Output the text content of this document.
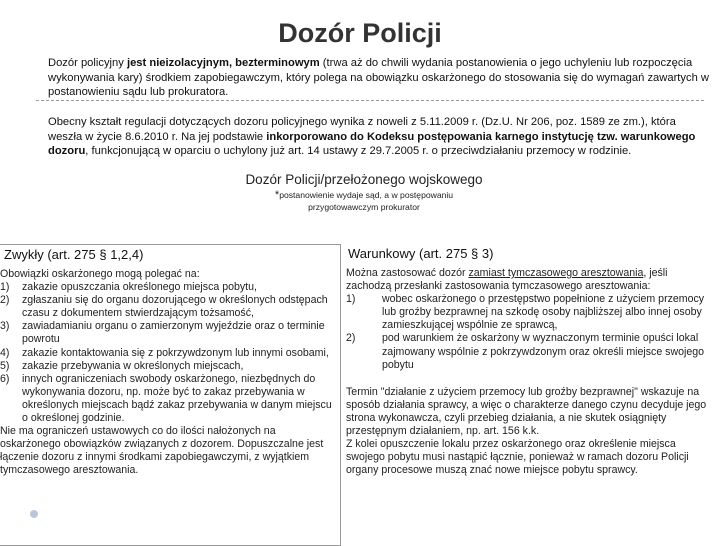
Dozór Policji
Dozór policyjny jest nieizolacyjnym, bezterminowym (trwa aż do chwili wydania postanowienia o jego uchyleniu lub rozpoczęcia wykonywania kary) środkiem zapobiegawczym, który polega na obowiązku oskarżonego do stosowania się do wymagań zawartych w postanowieniu sądu lub prokuratora.
Obecny kształt regulacji dotyczących dozoru policyjnego wynika z noweli z 5.11.2009 r. (Dz.U. Nr 206, poz. 1589 ze zm.), która weszła w życie 8.6.2010 r. Na jej podstawie inkorporowano do Kodeksu postępowania karnego instytucję tzw. warunkowego dozoru, funkcjonującą w oparciu o uchylony już art. 14 ustawy z 29.7.2005 r. o przeciwdziałaniu przemocy w rodzinie.
Dozór Policji/przełożonego wojskowego
*postanowienie wydaje sąd, a w postępowaniu
przygotowawczym prokurator
Zwykły (art. 275 § 1,2,4)
Obowiązki oskarżonego mogą polegać na:
1) zakazie opuszczania określonego miejsca pobytu,
2) zgłaszaniu się do organu dozorującego w określonych odstępach czasu z dokumentem stwierdzającym tożsamość,
3) zawiadamianiu organu o zamierzonym wyjeździe oraz o terminie powrotu
4) zakazie kontaktowania się z pokrzywdzonym lub innymi osobami,
5) zakazie przebywania w określonych miejscach,
6) innych ograniczeniach swobody oskarżonego, niezbędnych do wykonywania dozoru, np. może być to zakaz przebywania w określonych miejscach bądź zakaz przebywania w danym miejscu o określonej godzinie.
Nie ma ograniczeń ustawowych co do ilości nałożonych na oskarżonego obowiązków związanych z dozorem. Dopuszczalne jest łączenie dozoru z innymi środkami zapobiegawczymi, z wyjątkiem tymczasowego aresztowania.
Warunkowy (art. 275 § 3)
Można zastosować dozór zamiast tymczasowego aresztowania, jeśli zachodzą przesłanki zastosowania tymczasowego aresztowania:
1)	wobec oskarżonego o przestępstwo popełnione z użyciem przemocy lub groźby bezprawnej na szkodę osoby najbliższej albo innej osoby zamieszkującej wspólnie ze sprawcą,
2)	pod warunkiem że oskarżony w wyznaczonym terminie opuści lokal zajmowany wspólnie z pokrzywdzonym oraz określi miejsce swojego pobytu
Termin "działanie z użyciem przemocy lub groźby bezprawnej" wskazuje na sposób działania sprawcy, a więc o charakterze danego czynu decyduje jego strona wykonawcza, czyli przebieg działania, a nie skutek osiągnięty przestępnym działaniem, np. art. 156 k.k.
Z kolei opuszczenie lokalu przez oskarżonego oraz określenie miejsca swojego pobytu musi nastąpić łącznie, ponieważ w ramach dozoru Policji organy procesowe muszą znać nowe miejsce pobytu sprawcy.
